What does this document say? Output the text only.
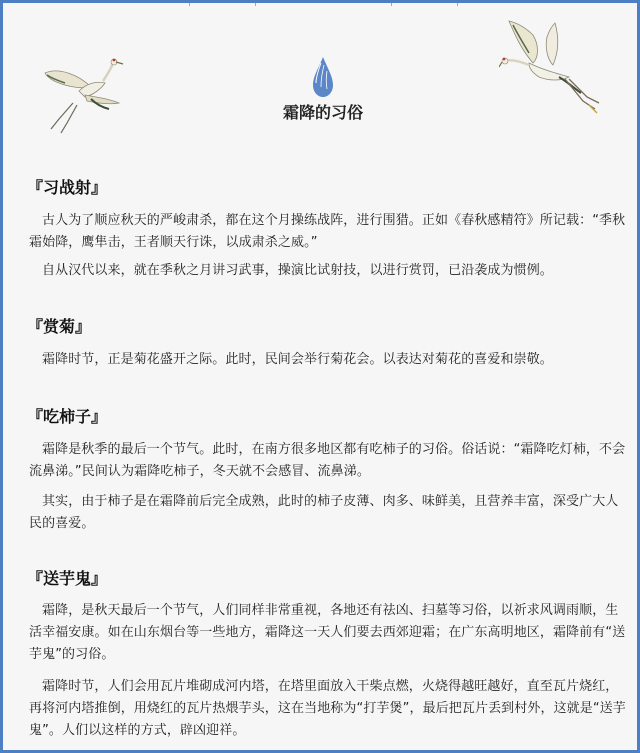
霜降的习俗
『习战射』
古人为了顺应秋天的严峻肃杀，都在这个月操练战阵，进行围猎。正如《春秋感精符》所记载：“季秋霜始降，鹰隼击，王者顺天行诛，以成肃杀之威。”
自从汉代以来，就在季秋之月讲习武事，操演比试射技，以进行赏罚，已沿袭成为惯例。
『赏菊』
霜降时节，正是菊花盛开之际。此时，民间会举行菊花会。以表达对菊花的喜爱和崇敬。
『吃柿子』
霜降是秋季的最后一个节气。此时，在南方很多地区都有吃柿子的习俗。俗话说：“霜降吃灯柿，不会流鼻涕。”民间认为霜降吃柿子，冬天就不会感冒、流鼻涕。
其实，由于柿子是在霜降前后完全成熟，此时的柿子皮薄、肉多、味鲜美，且营养丰富，深受广大人民的喜爱。
『送芋鬼』
霜降，是秋天最后一个节气，人们同样非常重视，各地还有祛凶、扫墓等习俗，以祈求风调雨顺，生活幸福安康。如在山东烟台等一些地方，霜降这一天人们要去西郊迎霜；在广东高明地区，霜降前有“送芋鬼”的习俗。
霜降时节，人们会用瓦片堆砌成河内塔，在塔里面放入干柴点燃，火烧得越旺越好，直至瓦片烧红，再将河内塔推倒，用烧红的瓦片热煨芋头，这在当地称为“打芋煲”，最后把瓦片丢到村外，这就是“送芋鬼”。人们以这样的方式，辟凶迎祥。
